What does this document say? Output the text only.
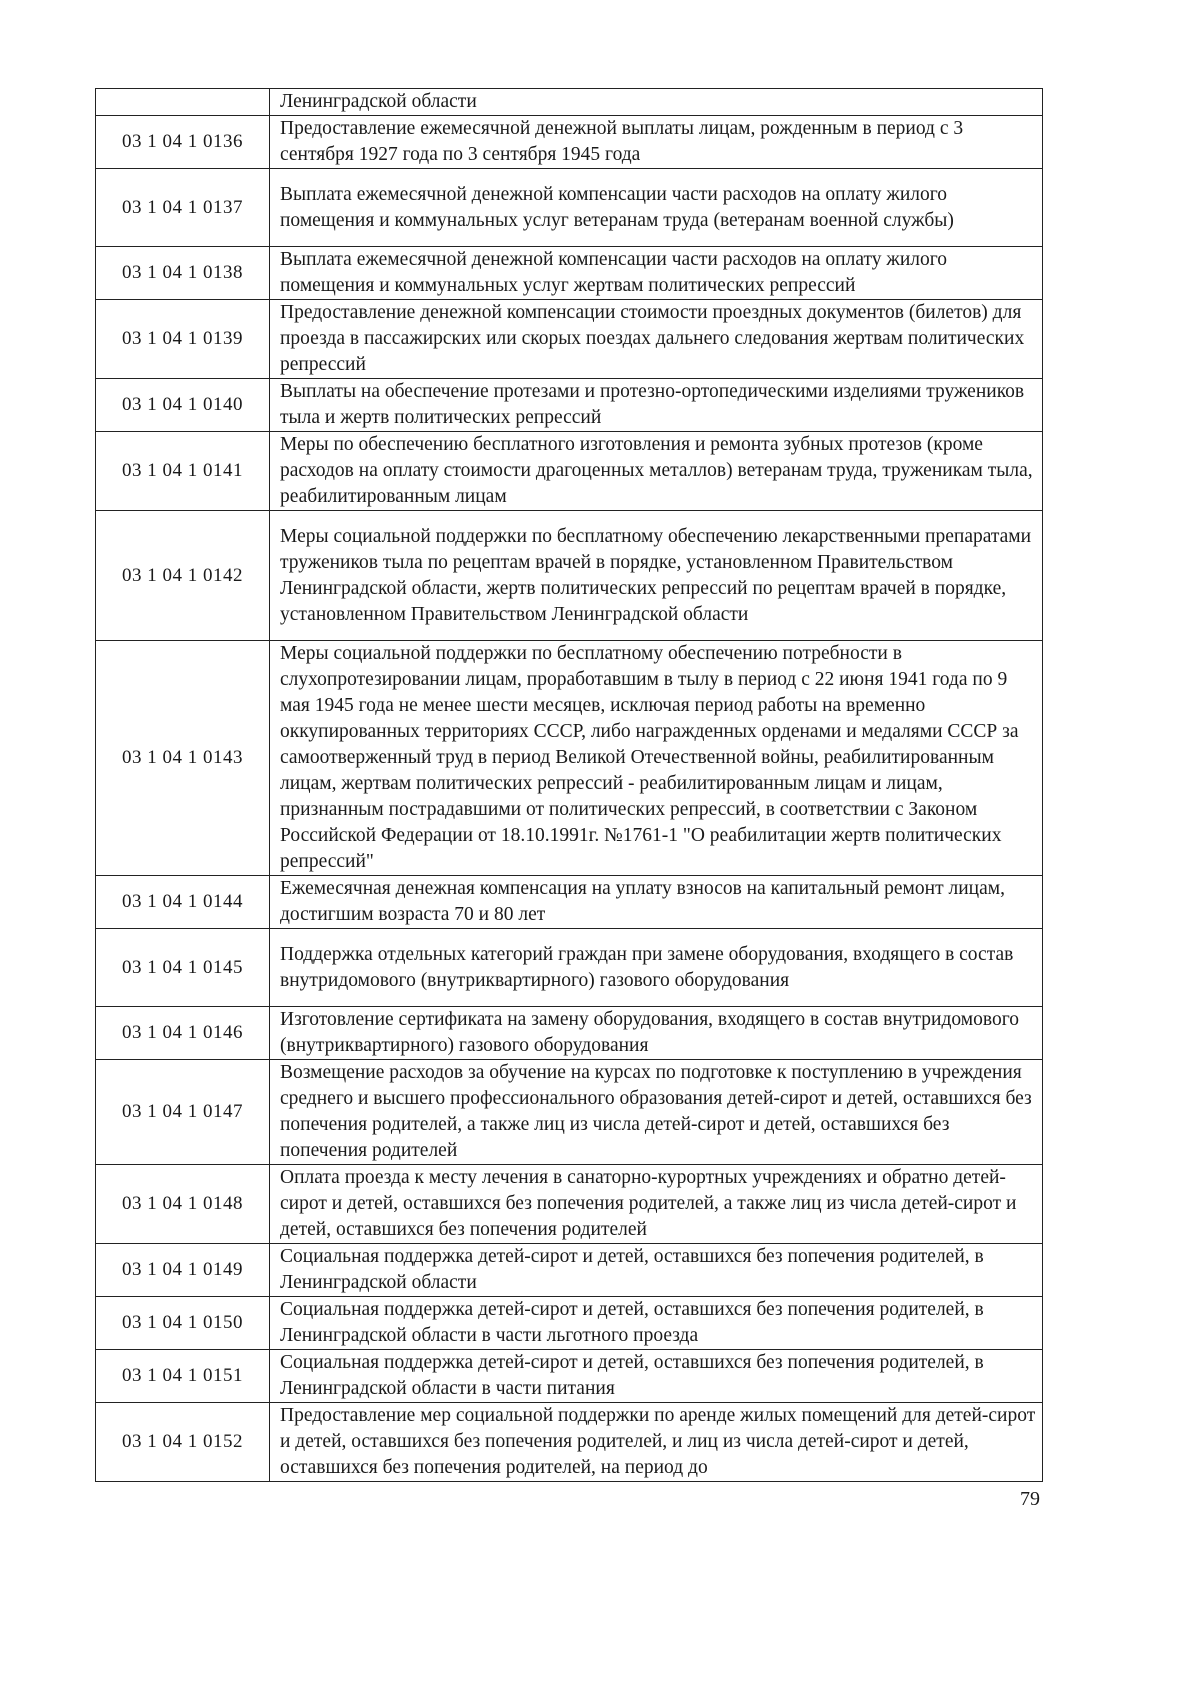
	Ленинградской области
03 1 04 1 0136	Предоставление ежемесячной денежной выплаты лицам, рожденным в период с 3 сентября 1927 года по 3 сентября 1945 года
03 1 04 1 0137	Выплата ежемесячной денежной компенсации части расходов на оплату жилого помещения и коммунальных услуг ветеранам труда (ветеранам военной службы)
03 1 04 1 0138	Выплата ежемесячной денежной компенсации части расходов на оплату жилого помещения и коммунальных услуг жертвам политических репрессий
03 1 04 1 0139	Предоставление денежной компенсации стоимости проездных документов (билетов) для проезда в пассажирских или скорых поездах дальнего следования жертвам политических репрессий
03 1 04 1 0140	Выплаты на обеспечение протезами и протезно-ортопедическими изделиями тружеников тыла и жертв политических репрессий
03 1 04 1 0141	Меры по обеспечению бесплатного изготовления и ремонта зубных протезов (кроме расходов на оплату стоимости драгоценных металлов) ветеранам труда, труженикам тыла, реабилитированным лицам
03 1 04 1 0142	Меры социальной поддержки по бесплатному обеспечению лекарственными препаратами тружеников тыла по рецептам врачей в порядке, установленном Правительством Ленинградской области, жертв политических репрессий по рецептам врачей в порядке, установленном Правительством Ленинградской области
03 1 04 1 0143	Меры социальной поддержки по бесплатному обеспечению потребности в слухопротезировании лицам, проработавшим в тылу в период с 22 июня 1941 года по 9 мая 1945 года не менее шести месяцев, исключая период работы на временно оккупированных территориях СССР, либо награжденных орденами и медалями СССР за самоотверженный труд в период Великой Отечественной войны, реабилитированным лицам, жертвам политических репрессий - реабилитированным лицам и лицам, признанным пострадавшими от политических репрессий, в соответствии с Законом Российской Федерации от 18.10.1991г. №1761-1 "О реабилитации жертв политических репрессий"
03 1 04 1 0144	Ежемесячная денежная компенсация на уплату взносов на капитальный ремонт лицам, достигшим возраста 70 и 80 лет
03 1 04 1 0145	Поддержка отдельных категорий граждан при замене оборудования, входящего в состав внутридомового (внутриквартирного) газового оборудования
03 1 04 1 0146	Изготовление сертификата на замену оборудования, входящего в состав внутридомового (внутриквартирного) газового оборудования
03 1 04 1 0147	Возмещение расходов за обучение на курсах по подготовке к поступлению в учреждения среднего и высшего профессионального образования детей-сирот и детей, оставшихся без попечения родителей, а также лиц из числа детей-сирот и детей, оставшихся без попечения родителей
03 1 04 1 0148	Оплата проезда к месту лечения в санаторно-курортных учреждениях и обратно детей-сирот и детей, оставшихся без попечения родителей, а также лиц из числа детей-сирот и детей, оставшихся без попечения родителей
03 1 04 1 0149	Социальная поддержка детей-сирот и детей, оставшихся без попечения родителей, в Ленинградской области
03 1 04 1 0150	Социальная поддержка детей-сирот и детей, оставшихся без попечения родителей, в Ленинградской области в части льготного проезда
03 1 04 1 0151	Социальная поддержка детей-сирот и детей, оставшихся без попечения родителей, в Ленинградской области в части питания
03 1 04 1 0152	Предоставление мер социальной поддержки по аренде жилых помещений для детей-сирот и детей, оставшихся без попечения родителей, и лиц из числа детей-сирот и детей, оставшихся без попечения родителей, на период до
79
